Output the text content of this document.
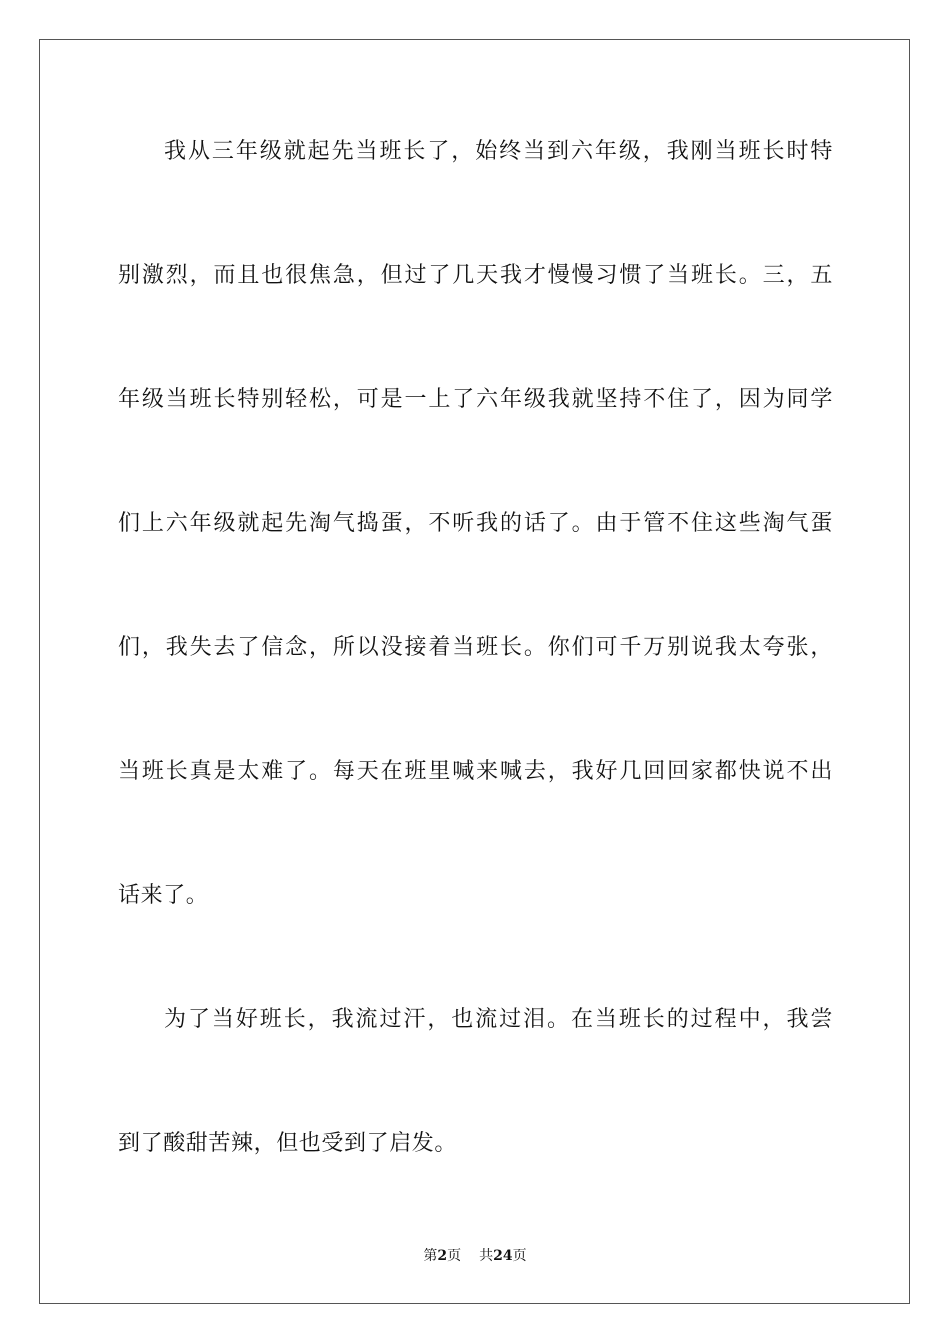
我从三年级就起先当班长了，始终当到六年级，我刚当班长时特
别激烈，而且也很焦急，但过了几天我才慢慢习惯了当班长。三，五
年级当班长特别轻松，可是一上了六年级我就坚持不住了，因为同学
们上六年级就起先淘气捣蛋，不听我的话了。由于管不住这些淘气蛋
们，我失去了信念，所以没接着当班长。你们可千万别说我太夸张，
当班长真是太难了。每天在班里喊来喊去，我好几回回家都快说不出
话来了。
为了当好班长，我流过汗，也流过泪。在当班长的过程中，我尝
到了酸甜苦辣，但也受到了启发。
第2页 共24页
